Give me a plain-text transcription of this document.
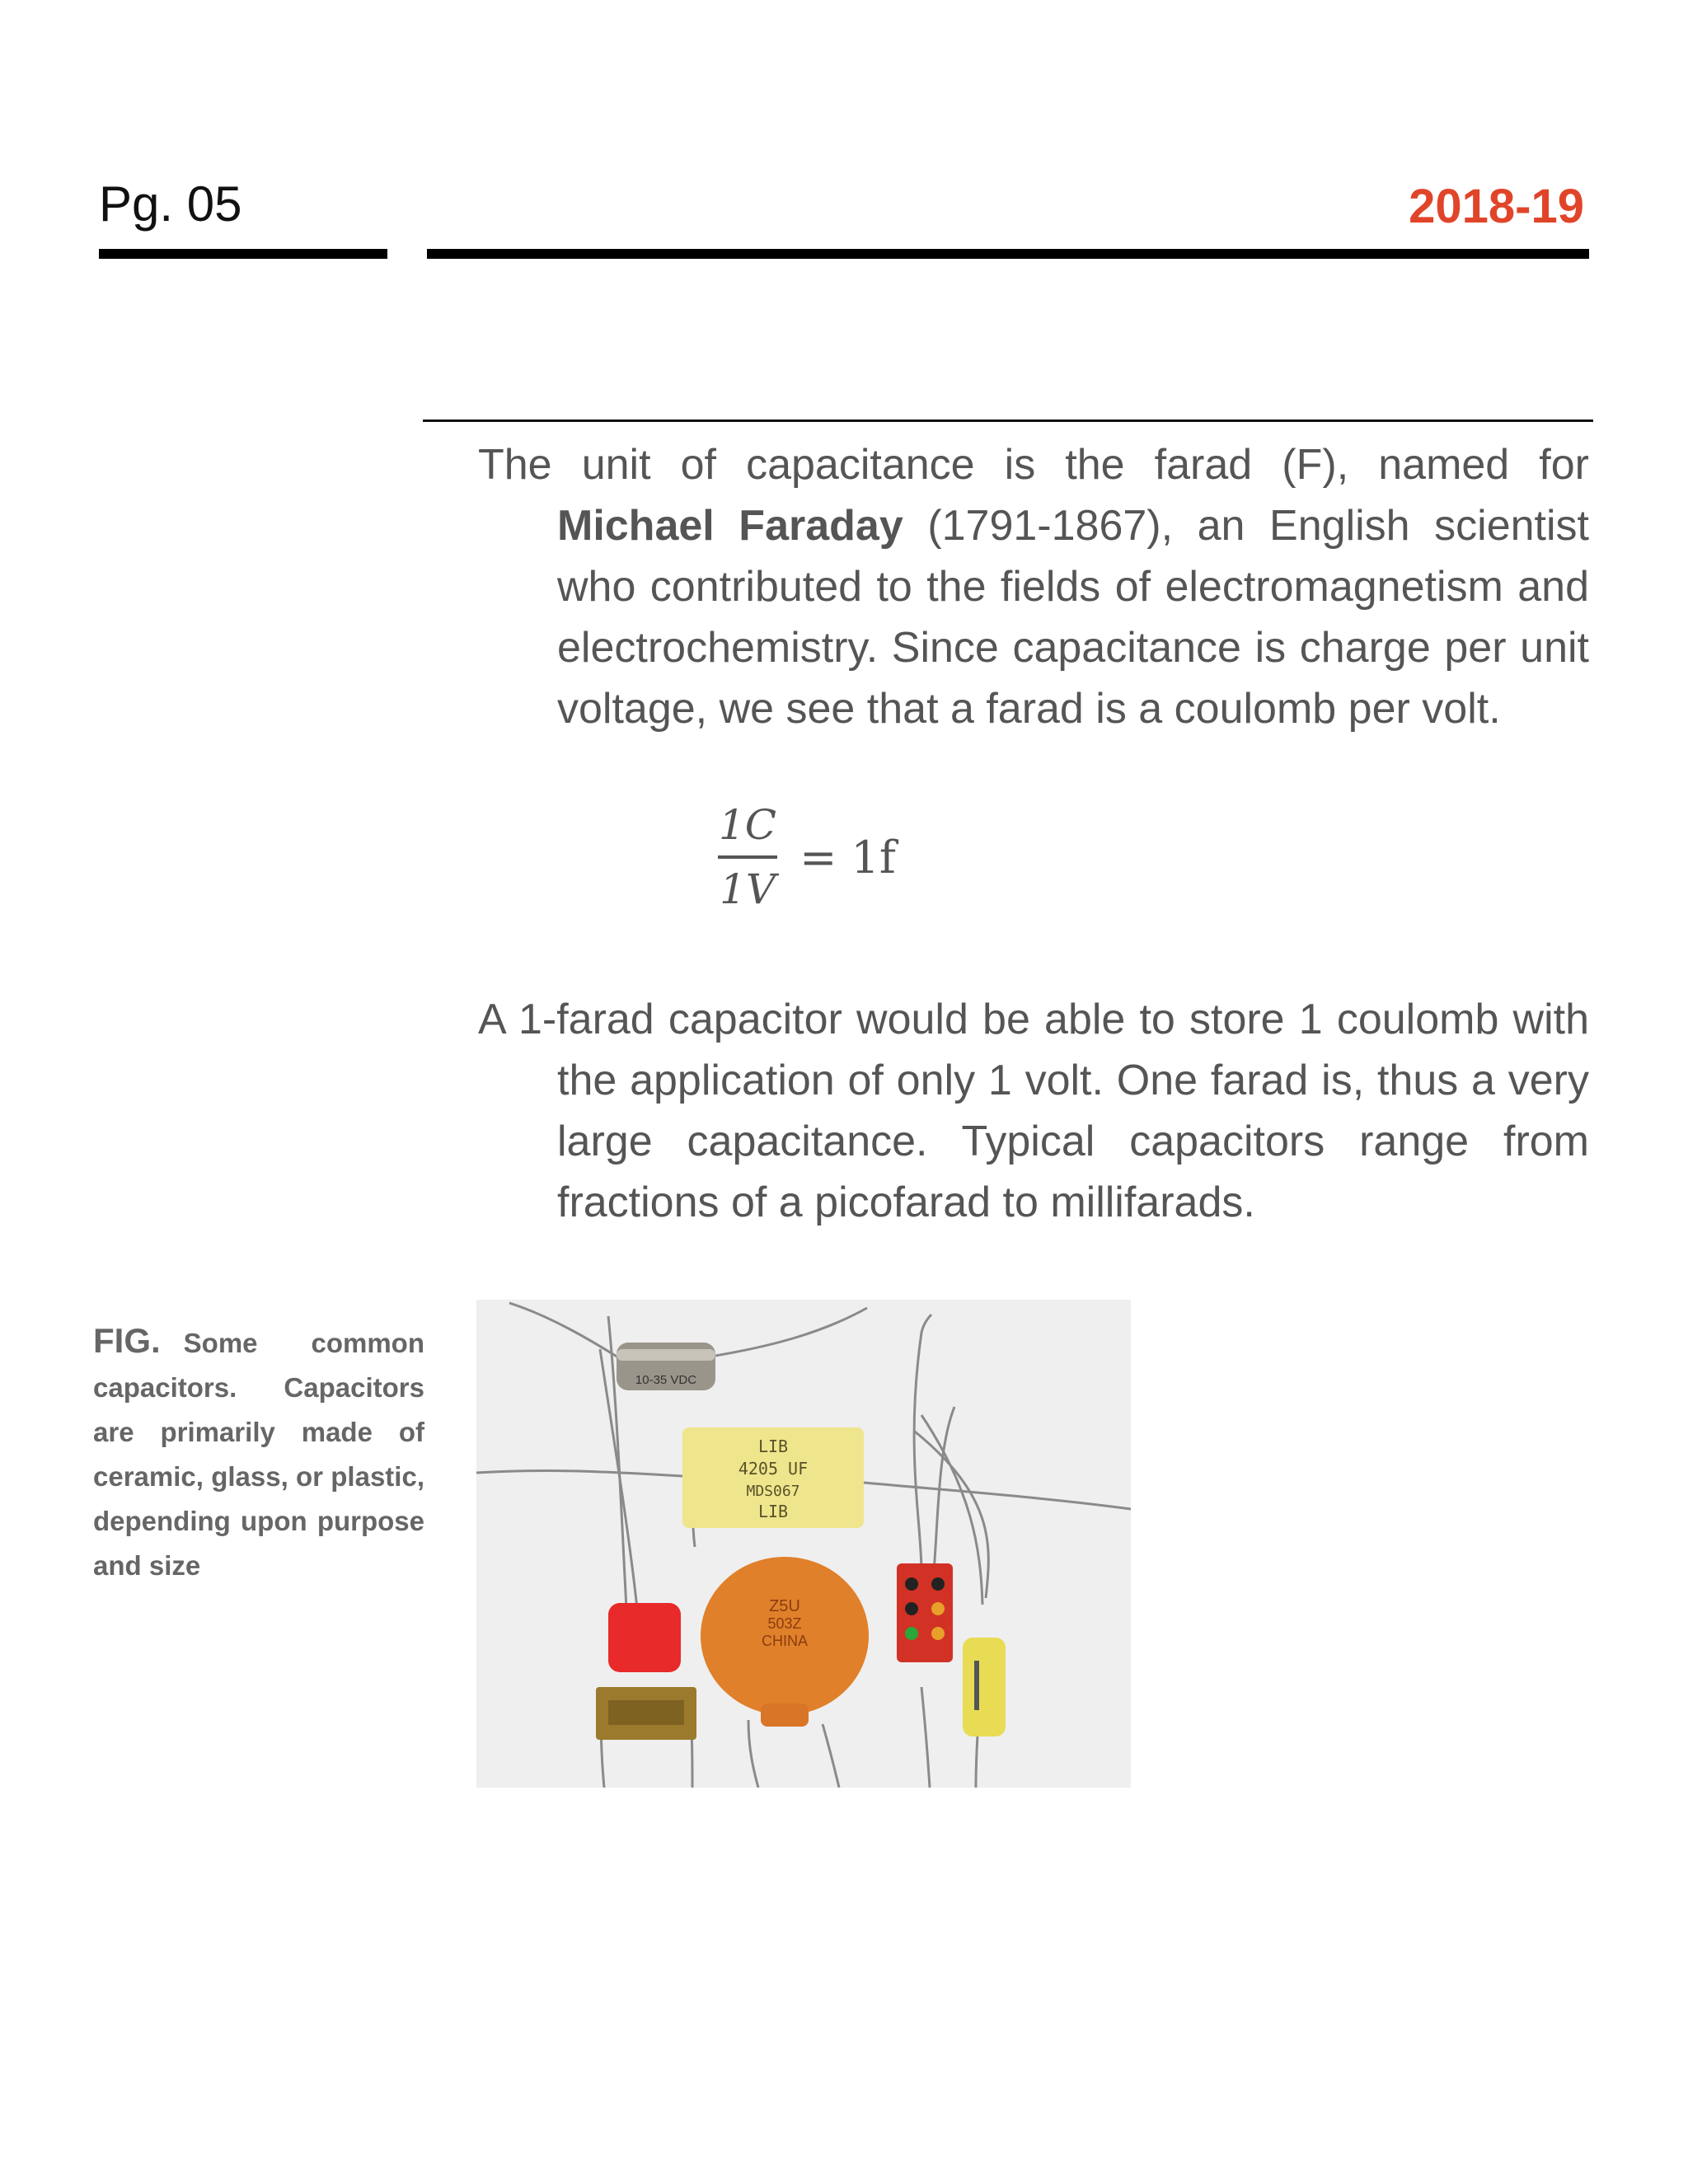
Pg. 05	2018-19

The unit of capacitance is the farad (F), named for Michael Faraday (1791-1867), an English scientist who contributed to the fields of electromagnetism and electrochemistry. Since capacitance is charge per unit voltage, we see that a farad is a coulomb per volt.

$\frac{1C}{1V} = 1f$

A 1-farad capacitor would be able to store 1 coulomb with the application of only 1 volt. One farad is, thus a very large capacitance. Typical capacitors range from fractions of a picofarad to millifarads.

FIG. Some common capacitors. Capacitors are primarily made of ceramic, glass, or plastic, depending upon purpose and size
10-35 VDC
LIB
4205 UF
MDS067
LIB
Z5U
503Z
CHINA
